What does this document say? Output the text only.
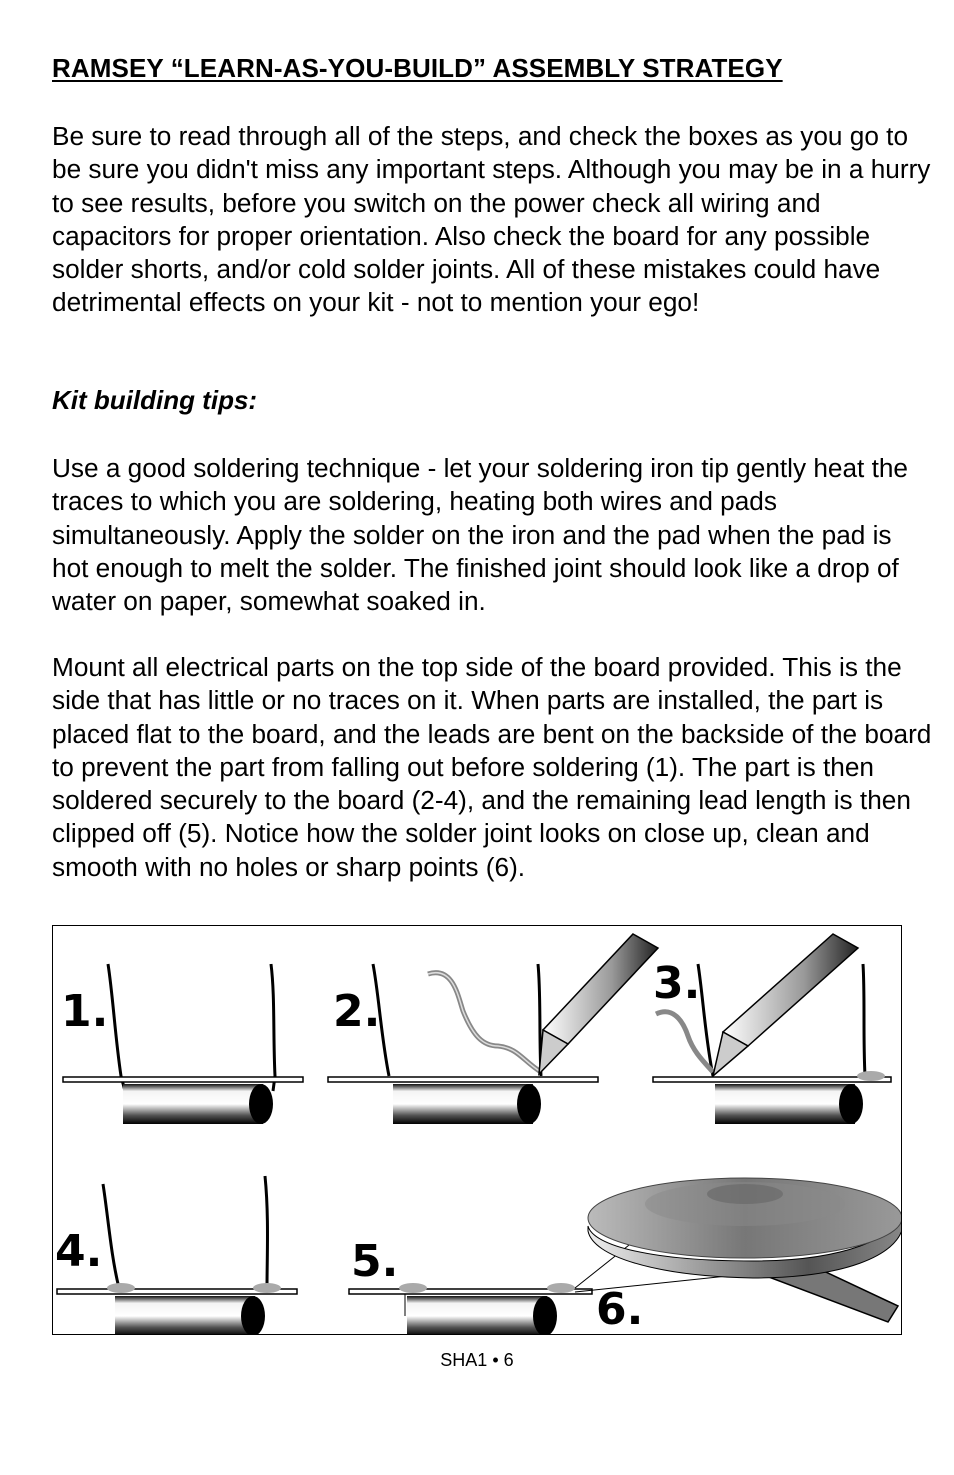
RAMSEY “LEARN-AS-YOU-BUILD” ASSEMBLY STRATEGY

Be sure to read through all of the steps, and check the boxes as you go to be sure you didn't miss any important steps. Although you may be in a hurry to see results, before you switch on the power check all wiring and capacitors for proper orientation. Also check the board for any possible solder shorts, and/or cold solder joints. All of these mistakes could have detrimental effects on your kit - not to mention your ego!

Kit building tips:

Use a good soldering technique - let your soldering iron tip gently heat the traces to which you are soldering, heating both wires and pads simultaneously. Apply the solder on the iron and the pad when the pad is hot enough to melt the solder. The finished joint should look like a drop of water on paper, somewhat soaked in.

Mount all electrical parts on the top side of the board provided. This is the side that has little or no traces on it. When parts are installed, the part is placed flat to the board, and the leads are bent on the backside of the board to prevent the part from falling out before soldering (1). The part is then soldered securely to the board (2-4), and the remaining lead length is then clipped off (5). Notice how the solder joint looks on close up, clean and smooth with no holes or sharp points (6).

1.	2.
3.
4.	5.
6.
SHA1 • 6
